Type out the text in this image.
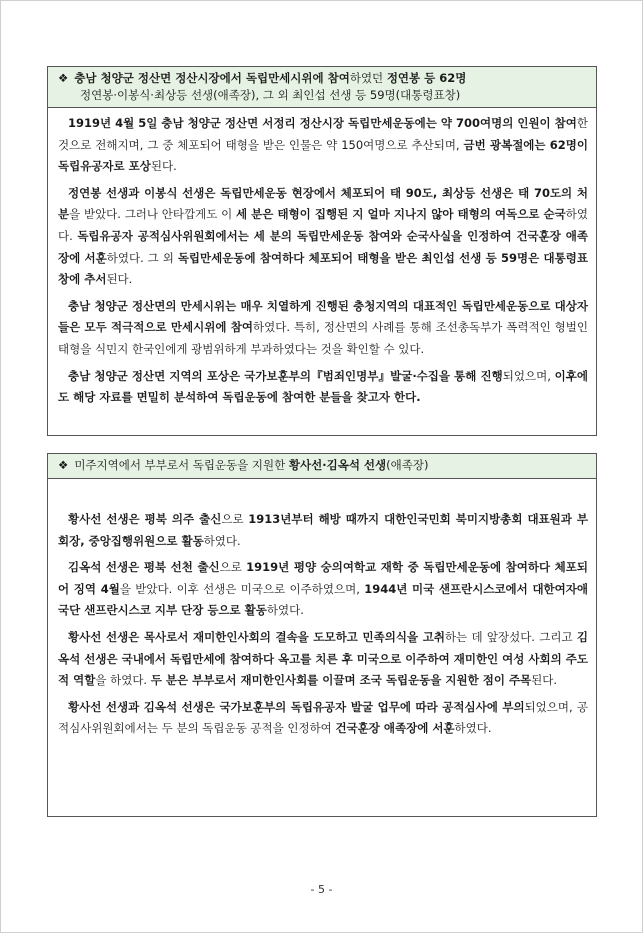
❖ 충남 청양군 정산면 정산시장에서 독립만세시위에 참여하였던 정연봉 등 62명
정연봉·이봉식·최상등 선생(애족장), 그 외 최인섭 선생 등 59명(대통령표창)

1919년 4월 5일 충남 청양군 정산면 서정리 정산시장 독립만세운동에는 약 700여명의 인원이 참여한 것으로 전해지며, 그 중 체포되어 태형을 받은 인물은 약 150여명으로 추산되며, 금번 광복절에는 62명이 독립유공자로 포상된다.

정연봉 선생과 이봉식 선생은 독립만세운동 현장에서 체포되어 태 90도, 최상등 선생은 태 70도의 처분을 받았다. 그러나 안타깝게도 이 세 분은 태형이 집행된 지 얼마 지나지 않아 태형의 여독으로 순국하였다. 독립유공자 공적심사위원회에서는 세 분의 독립만세운동 참여와 순국사실을 인정하여 건국훈장 애족장에 서훈하였다. 그 외 독립만세운동에 참여하다 체포되어 태형을 받은 최인섭 선생 등 59명은 대통령표창에 추서된다.

충남 청양군 정산면의 만세시위는 매우 치열하게 진행된 충청지역의 대표적인 독립만세운동으로 대상자들은 모두 적극적으로 만세시위에 참여하였다. 특히, 정산면의 사례를 통해 조선총독부가 폭력적인 형벌인 태형을 식민지 한국인에게 광범위하게 부과하였다는 것을 확인할 수 있다.

충남 청양군 정산면 지역의 포상은 국가보훈부의『범죄인명부』발굴·수집을 통해 진행되었으며, 이후에도 해당 자료를 면밀히 분석하여 독립운동에 참여한 분들을 찾고자 한다.

❖ 미주지역에서 부부로서 독립운동을 지원한 황사선·김옥석 선생(애족장)

황사선 선생은 평북 의주 출신으로 1913년부터 해방 때까지 대한인국민회 북미지방총회 대표원과 부회장, 중앙집행위원으로 활동하였다.

김옥석 선생은 평북 선천 출신으로 1919년 평양 숭의여학교 재학 중 독립만세운동에 참여하다 체포되어 징역 4월을 받았다. 이후 선생은 미국으로 이주하였으며, 1944년 미국 샌프란시스코에서 대한여자애국단 샌프란시스코 지부 단장 등으로 활동하였다.

황사선 선생은 목사로서 재미한인사회의 결속을 도모하고 민족의식을 고취하는 데 앞장섰다. 그리고 김옥석 선생은 국내에서 독립만세에 참여하다 옥고를 치른 후 미국으로 이주하여 재미한인 여성 사회의 주도적 역할을 하였다. 두 분은 부부로서 재미한인사회를 이끌며 조국 독립운동을 지원한 점이 주목된다.

황사선 선생과 김옥석 선생은 국가보훈부의 독립유공자 발굴 업무에 따라 공적심사에 부의되었으며, 공적심사위원회에서는 두 분의 독립운동 공적을 인정하여 건국훈장 애족장에 서훈하였다.

- 5 -
